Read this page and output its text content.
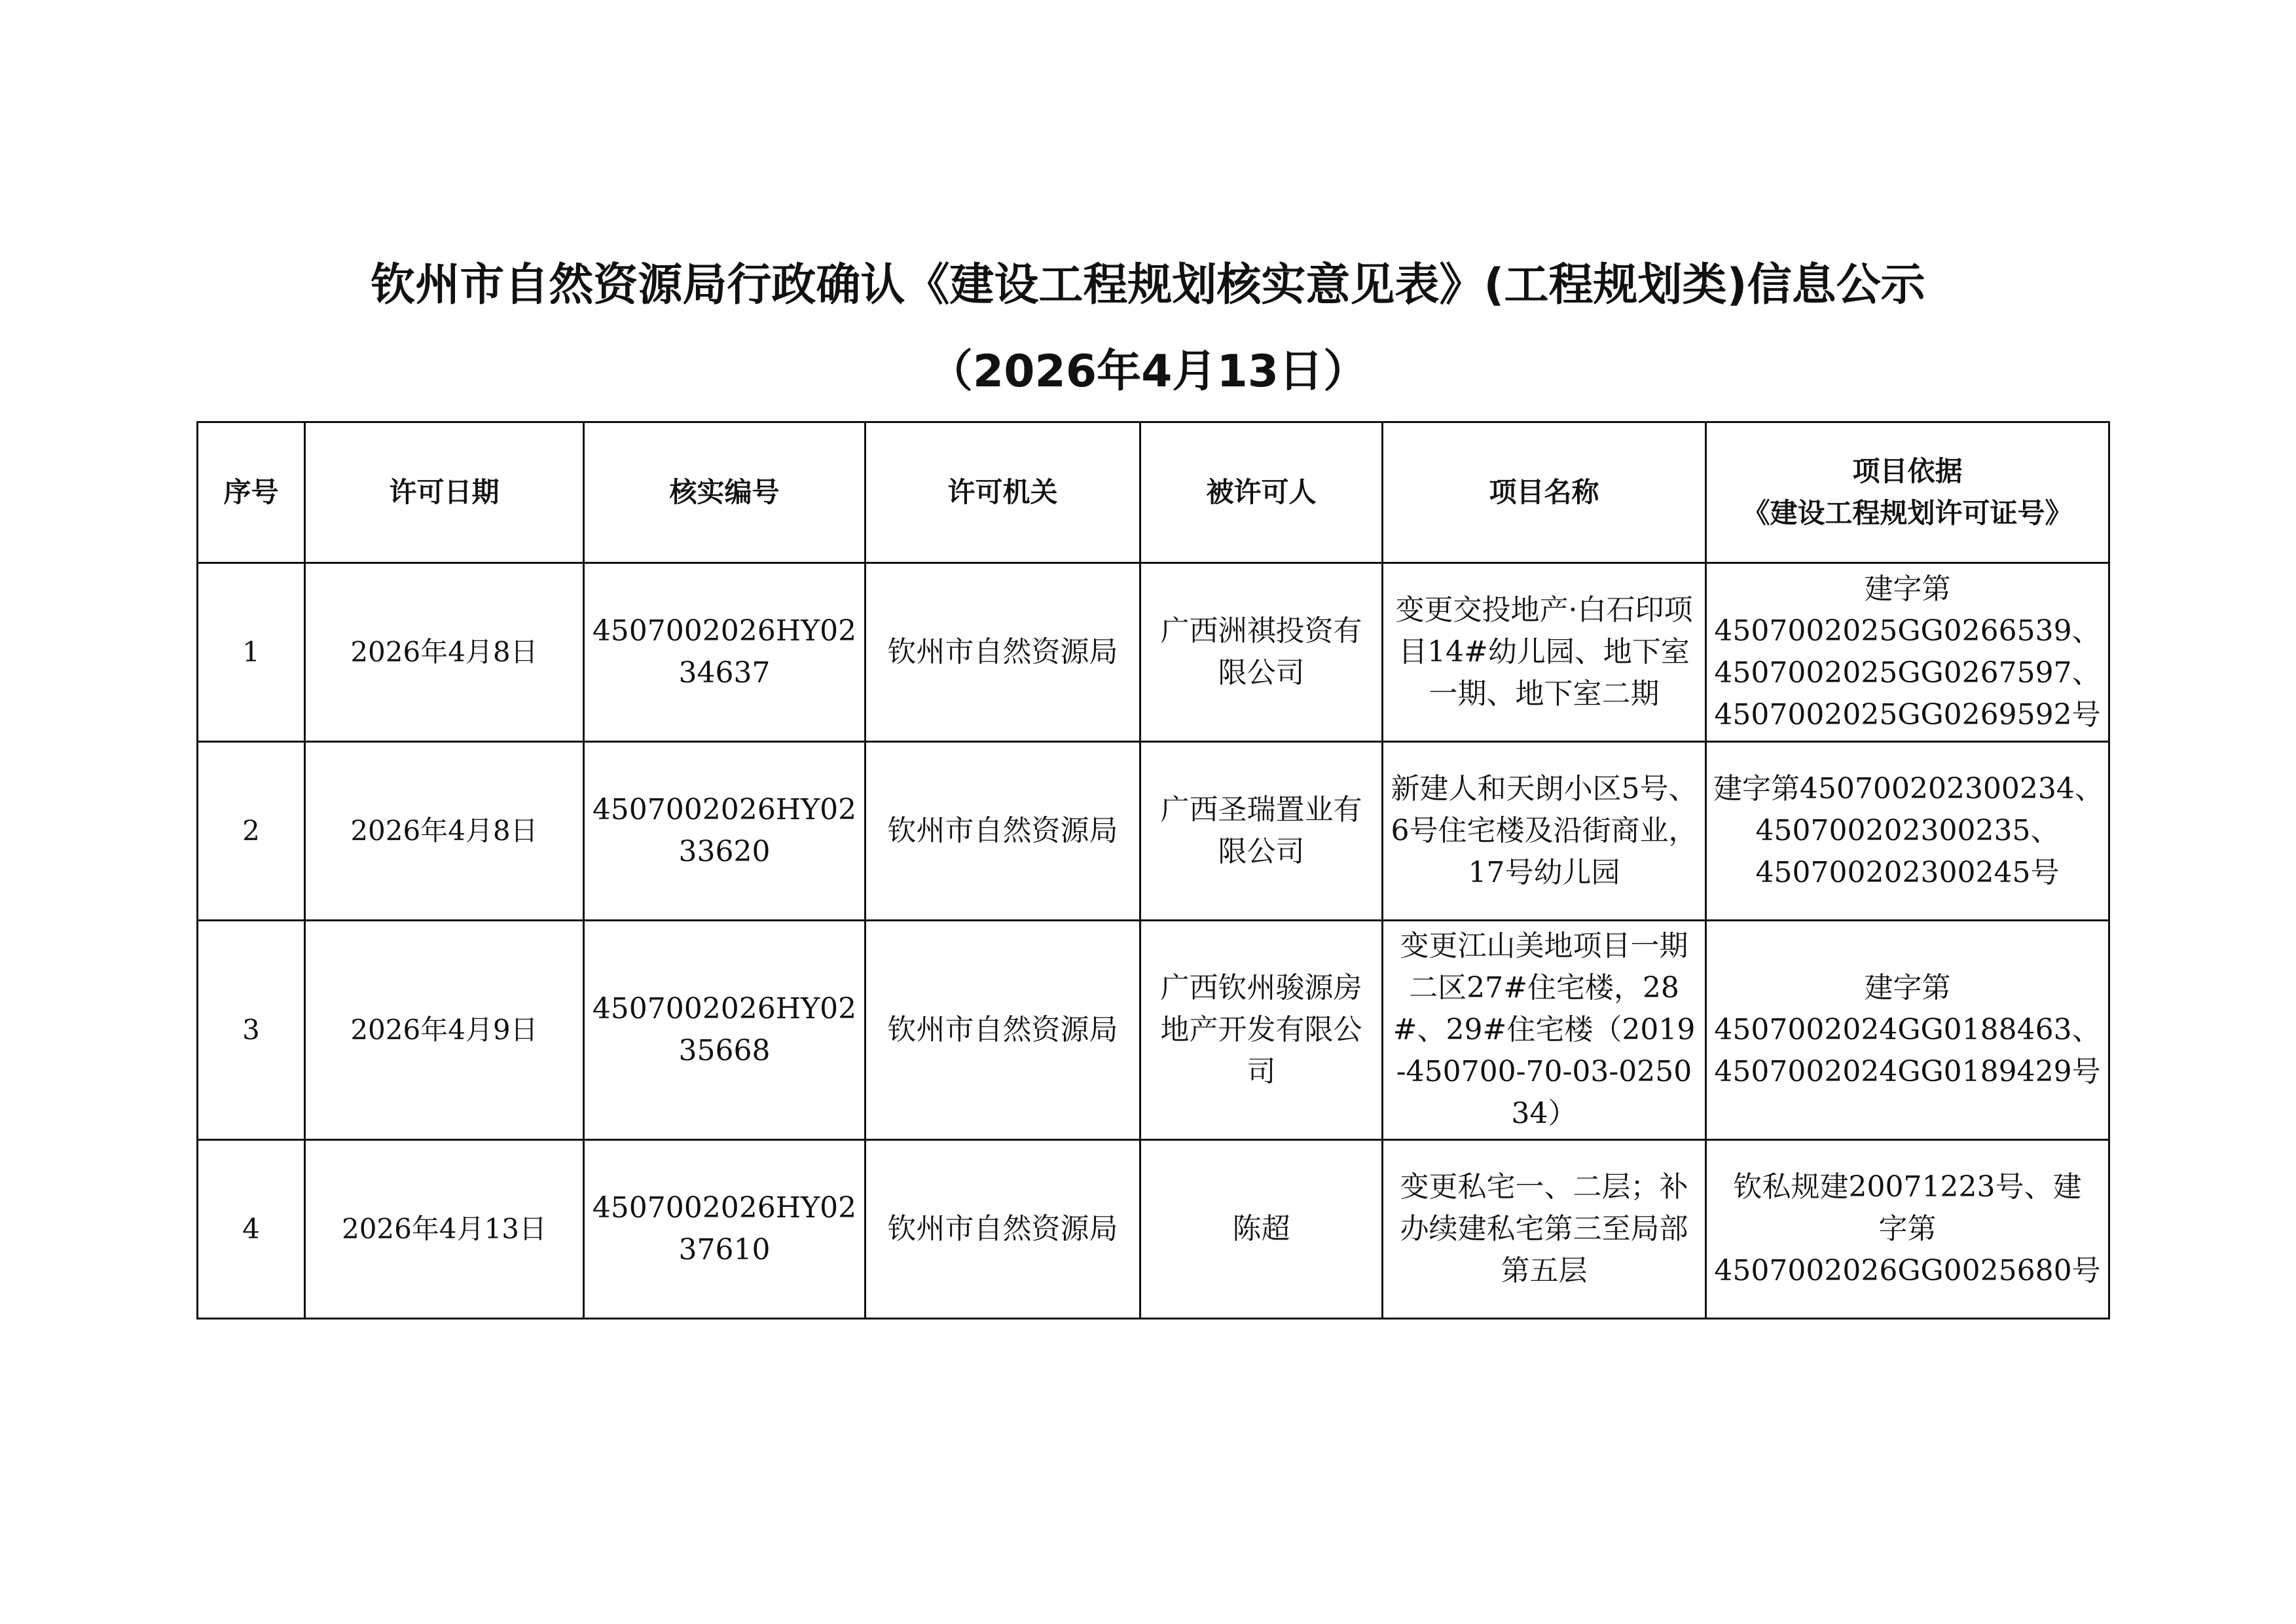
钦州市自然资源局行政确认《建设工程规划核实意见表》(工程规划类)信息公示
（2026年4月13日）
序号	许可日期	核实编号	许可机关	被许可人	项目名称	项目依据
《建设工程规划许可证号》

1	2026年4月8日	4507002026HY0234637	钦州市自然资源局	广西洲祺投资有限公司	变更交投地产·白石印项目14#幼儿园、地下室一期、地下室二期	建字第
4507002025GG0266539、
4507002025GG0267597、
4507002025GG0269592号

2	2026年4月8日	4507002026HY0233620	钦州市自然资源局	广西圣瑞置业有限公司	新建人和天朗小区5号、6号住宅楼及沿街商业，17号幼儿园	建字第450700202300234、
450700202300235、
450700202300245号

3	2026年4月9日	4507002026HY0235668	钦州市自然资源局	广西钦州骏源房地产开发有限公司	变更江山美地项目一期二区27#住宅楼，28#、29#住宅楼（2019-450700-70-03-025034）	建字第
4507002024GG0188463、
4507002024GG0189429号

4	2026年4月13日	4507002026HY0237610	钦州市自然资源局	陈超	变更私宅一、二层；补办续建私宅第三至局部第五层	钦私规建20071223号、建
字第
4507002026GG0025680号
